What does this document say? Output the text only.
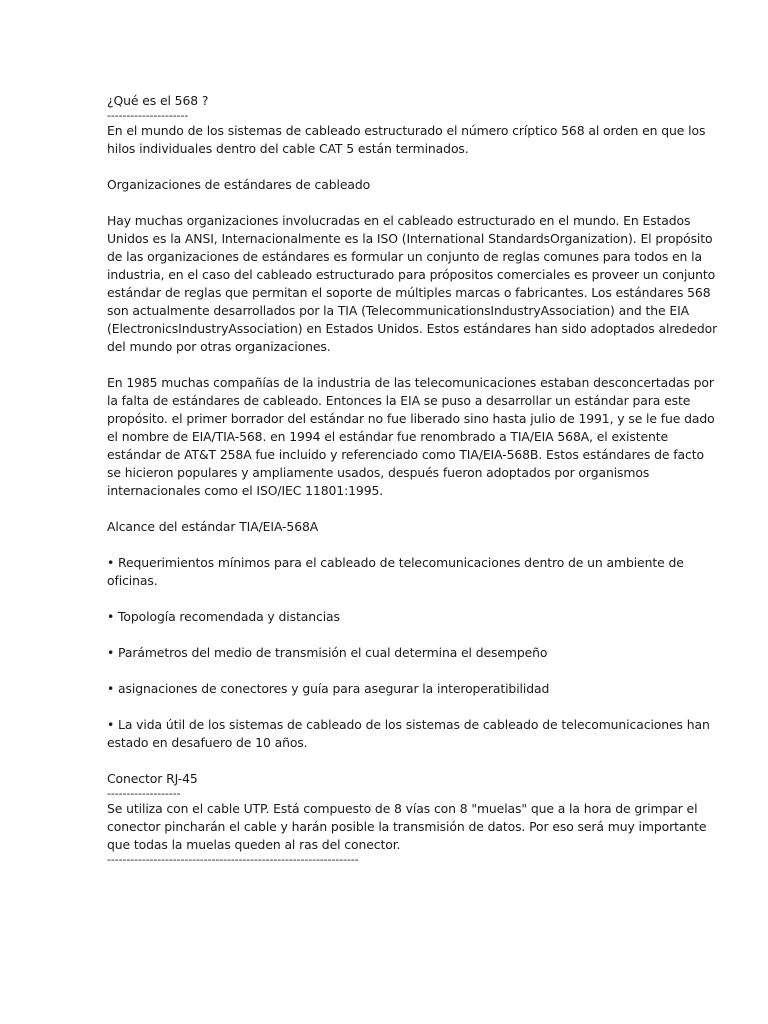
¿Qué es el 568 ?
---------------------

En el mundo de los sistemas de cableado estructurado el número críptico 568 al orden en que los
hilos individuales dentro del cable CAT 5 están terminados.

Organizaciones de estándares de cableado

Hay muchas organizaciones involucradas en el cableado estructurado en el mundo. En Estados
Unidos es la ANSI, Internacionalmente es la ISO (International StandardsOrganization). El propósito
de las organizaciones de estándares es formular un conjunto de reglas comunes para todos en la
industria, en el caso del cableado estructurado para própositos comerciales es proveer un conjunto
estándar de reglas que permitan el soporte de múltiples marcas o fabricantes. Los estándares 568
son actualmente desarrollados por la TIA (TelecommunicationsIndustryAssociation) and the EIA
(ElectronicsIndustryAssociation) en Estados Unidos. Estos estándares han sido adoptados alrededor
del mundo por otras organizaciones.

En 1985 muchas compañías de la industria de las telecomunicaciones estaban desconcertadas por
la falta de estándares de cableado. Entonces la EIA se puso a desarrollar un estándar para este
propósito. el primer borrador del estándar no fue liberado sino hasta julio de 1991, y se le fue dado
el nombre de EIA/TIA-568. en 1994 el estándar fue renombrado a TIA/EIA 568A, el existente
estándar de AT&T 258A fue incluido y referenciado como TIA/EIA-568B. Estos estándares de facto
se hicieron populares y ampliamente usados, después fueron adoptados por organismos
internacionales como el ISO/IEC 11801:1995.

Alcance del estándar TIA/EIA-568A

• Requerimientos mínimos para el cableado de telecomunicaciones dentro de un ambiente de
oficinas.

• Topología recomendada y distancias

• Parámetros del medio de transmisión el cual determina el desempeño

• asignaciones de conectores y guía para asegurar la interoperatibilidad

• La vida útil de los sistemas de cableado de los sistemas de cableado de telecomunicaciones han
estado en desafuero de 10 años.

Conector RJ-45
-------------------

Se utiliza con el cable UTP. Está compuesto de 8 vías con 8 "muelas" que a la hora de grimpar el
conector pincharán el cable y harán posible la transmisión de datos. Por eso será muy importante
que todas la muelas queden al ras del conector.

-----------------------------------------------------------------
